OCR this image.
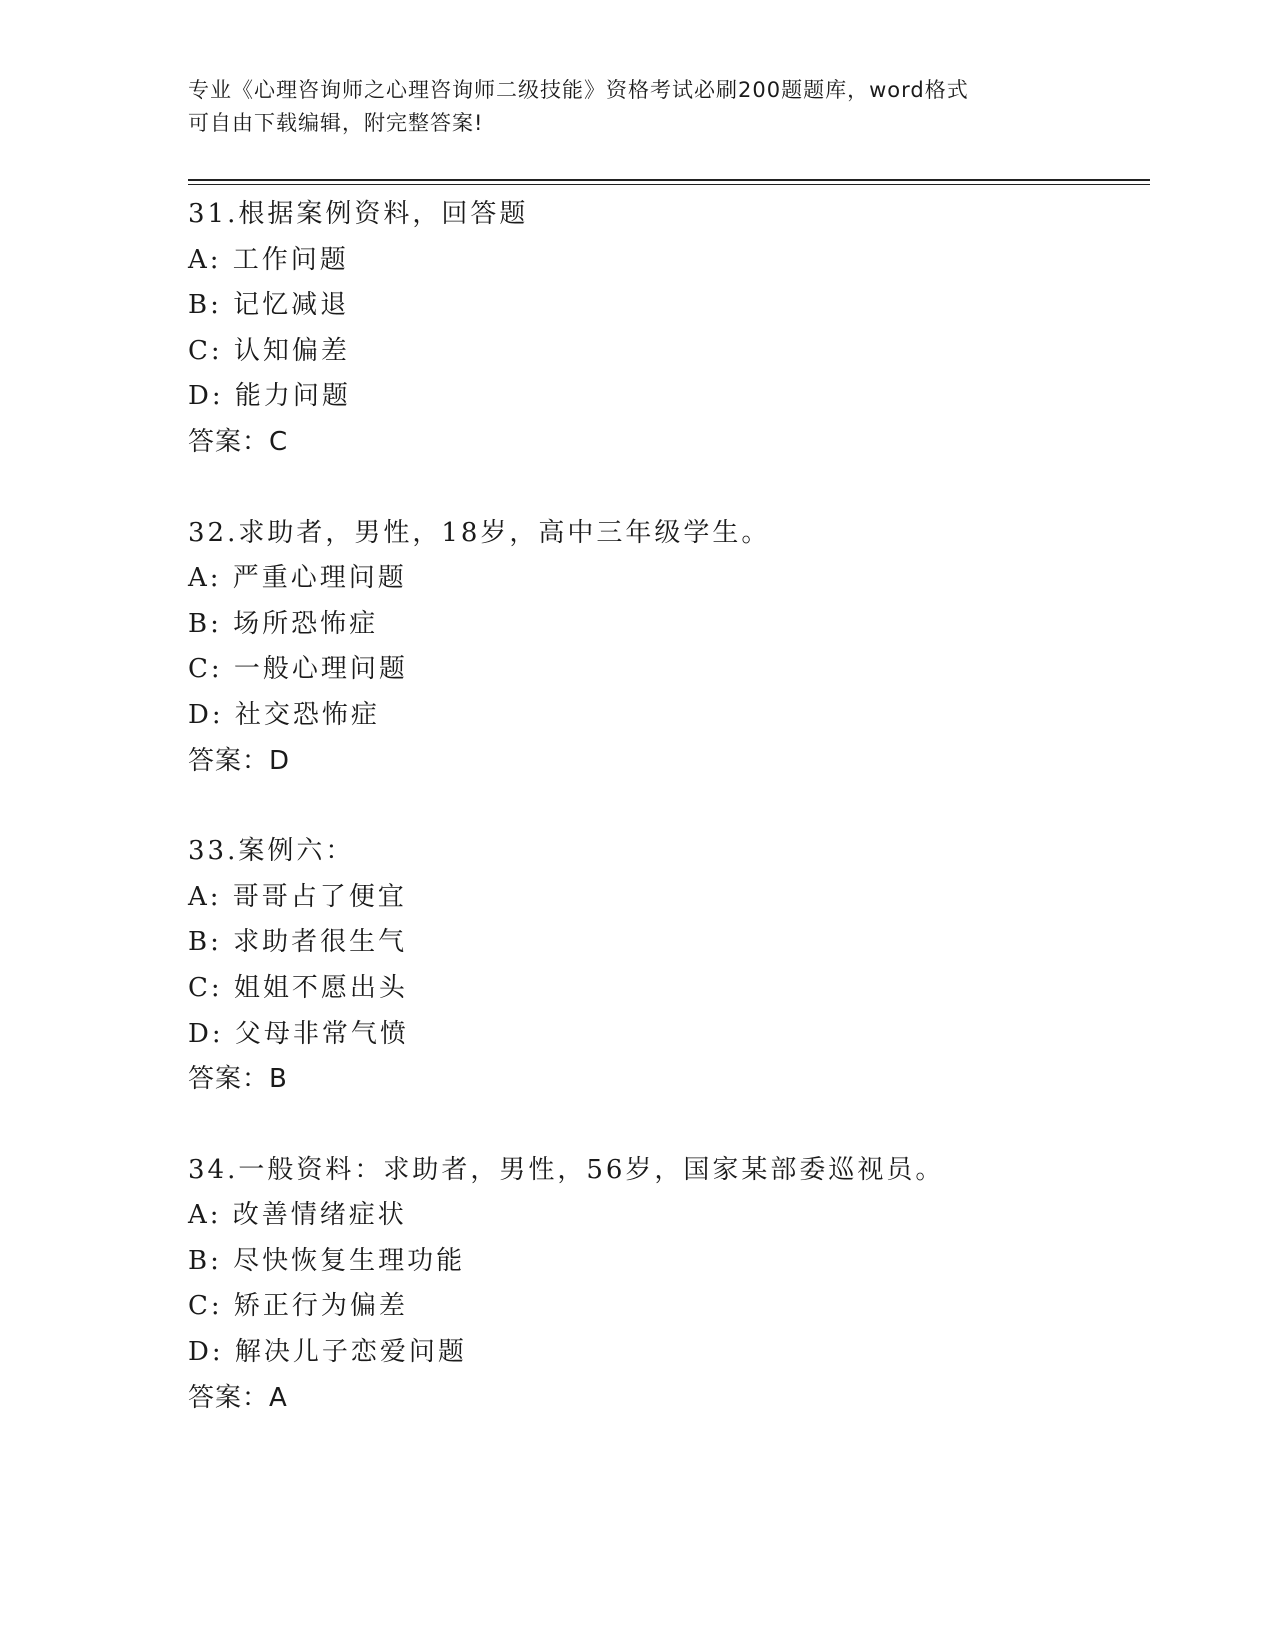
专业《心理咨询师之心理咨询师二级技能》资格考试必刷200题题库，word格式
可自由下载编辑，附完整答案!
31.根据案例资料，回答题
A: 工作问题
B: 记忆减退
C: 认知偏差
D: 能力问题
答案：C
32.求助者，男性，18岁，高中三年级学生。
A: 严重心理问题
B: 场所恐怖症
C: 一般心理问题
D: 社交恐怖症
答案：D
33.案例六：
A: 哥哥占了便宜
B: 求助者很生气
C: 姐姐不愿出头
D: 父母非常气愤
答案：B
34.一般资料：求助者，男性，56岁，国家某部委巡视员。
A: 改善情绪症状
B: 尽快恢复生理功能
C: 矫正行为偏差
D: 解决儿子恋爱问题
答案：A
